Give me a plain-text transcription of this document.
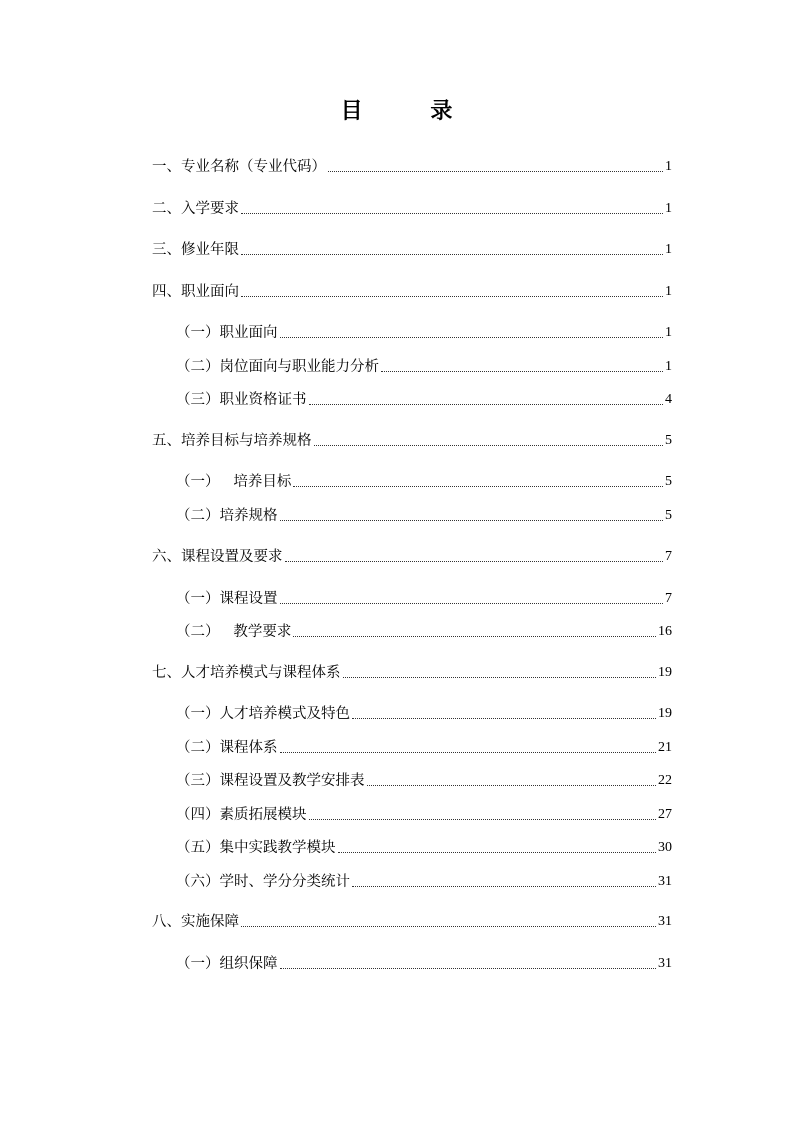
目 录
一、专业名称（专业代码）	1
二、入学要求	1
三、修业年限	1
四、职业面向	1
（一）职业面向	1
（二）岗位面向与职业能力分析	1
（三）职业资格证书	4
五、培养目标与培养规格	5
（一）   培养目标	5
（二）培养规格	5
六、课程设置及要求	7
（一）课程设置	7
（二）   教学要求	16
七、人才培养模式与课程体系	19
（一）人才培养模式及特色	19
（二）课程体系	21
（三）课程设置及教学安排表	22
（四）素质拓展模块	27
（五）集中实践教学模块	30
（六）学时、学分分类统计	31
八、实施保障	31
（一）组织保障	31
